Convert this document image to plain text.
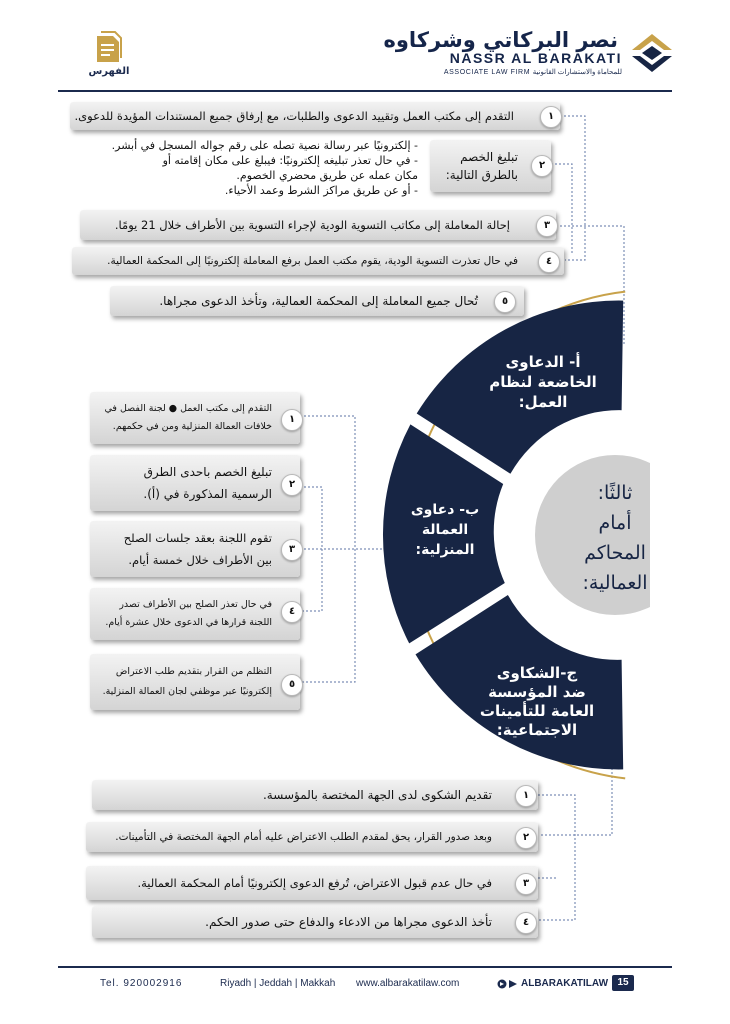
نصر البركاتي وشركاوه
NASSR AL BARAKATI
ASSOCIATE LAW FIRM للمحاماة والاستشارات القانونية
الفهرس
التقدم إلى مكتب العمل وتقييد الدعوى والطلبات، مع إرفاق جميع المستندات المؤيدة للدعوى.	١
تبليغ الخصم بالطرق التالية:
٢
- إلكترونيًا عبر رسالة نصية تصله على رقم جواله المسجل في أبشر.
- في حال تعذر تبليغه إلكترونيًا: فيبلغ على مكان إقامته أو
مكان عمله عن طريق محضري الخصوم.
- أو عن طريق مراكز الشرط وعمد الأحياء.
إحالة المعاملة إلى مكاتب التسوية الودية لإجراء التسوية بين الأطراف خلال 21 يومًا.	٣
في حال تعذرت التسوية الودية، يقوم مكتب العمل برفع المعاملة إلكترونيًا إلى المحكمة العمالية.	٤
تُحال جميع المعاملة إلى المحكمة العمالية، وتأخذ الدعوى مجراها.	٥
التقدم إلى مكتب العمل ● لجنة الفصل في
خلافات العمالة المنزلية ومن في حكمهم.
١
تبليغ الخصم باحدى الطرق
الرسمية المذكورة في (أ).
٢
تقوم اللجنة بعقد جلسات الصلح
بين الأطراف خلال خمسة أيام.
٣
في حال تعذر الصلح بين الأطراف تصدر
اللجنة قرارها في الدعوى خلال عشرة أيام.
٤
التظلم من القرار بتقديم طلب الاعتراض
إلكترونيًا عبر موظفي لجان العمالة المنزلية.
٥
أ- الدعاوى
الخاضعة لنظام
العمل:
ب- دعاوى
العمالة
المنزلية:
ج-الشكاوى
ضد المؤسسة
العامة للتأمينات
الاجتماعية:
ثالثًا:
أمام
المحاكم
العمالية:
تقديم الشكوى لدى الجهة المختصة بالمؤسسة.	١
وبعد صدور القرار، يحق لمقدم الطلب الاعتراض عليه أمام الجهة المختصة في التأمينات.	٢
في حال عدم قبول الاعتراض، تُرفع الدعوى إلكترونيًا أمام المحكمة العمالية.	٣
تأخذ الدعوى مجراها من الادعاء والدفاع حتى صدور الحكم.	٤
Tel. 920002916	Riyadh | Jeddah | Makkah www.albarakatilaw.com	ALBARAKATILAW 15
